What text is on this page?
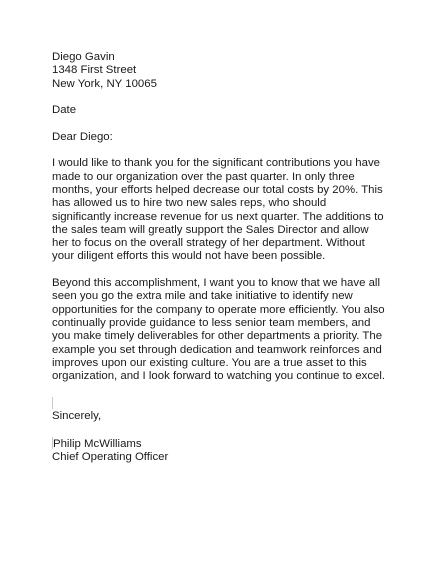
Diego Gavin
1348 First Street
New York, NY 10065
Date
Dear Diego:
I would like to thank you for the significant contributions you have
made to our organization over the past quarter. In only three
months, your efforts helped decrease our total costs by 20%. This
has allowed us to hire two new sales reps, who should
significantly increase revenue for us next quarter. The additions to
the sales team will greatly support the Sales Director and allow
her to focus on the overall strategy of her department. Without
your diligent efforts this would not have been possible.
Beyond this accomplishment, I want you to know that we have all
seen you go the extra mile and take initiative to identify new
opportunities for the company to operate more efficiently. You also
continually provide guidance to less senior team members, and
you make timely deliverables for other departments a priority. The
example you set through dedication and teamwork reinforces and
improves upon our existing culture. You are a true asset to this
organization, and I look forward to watching you continue to excel.
Sincerely,
Philip McWilliams
Chief Operating Officer
